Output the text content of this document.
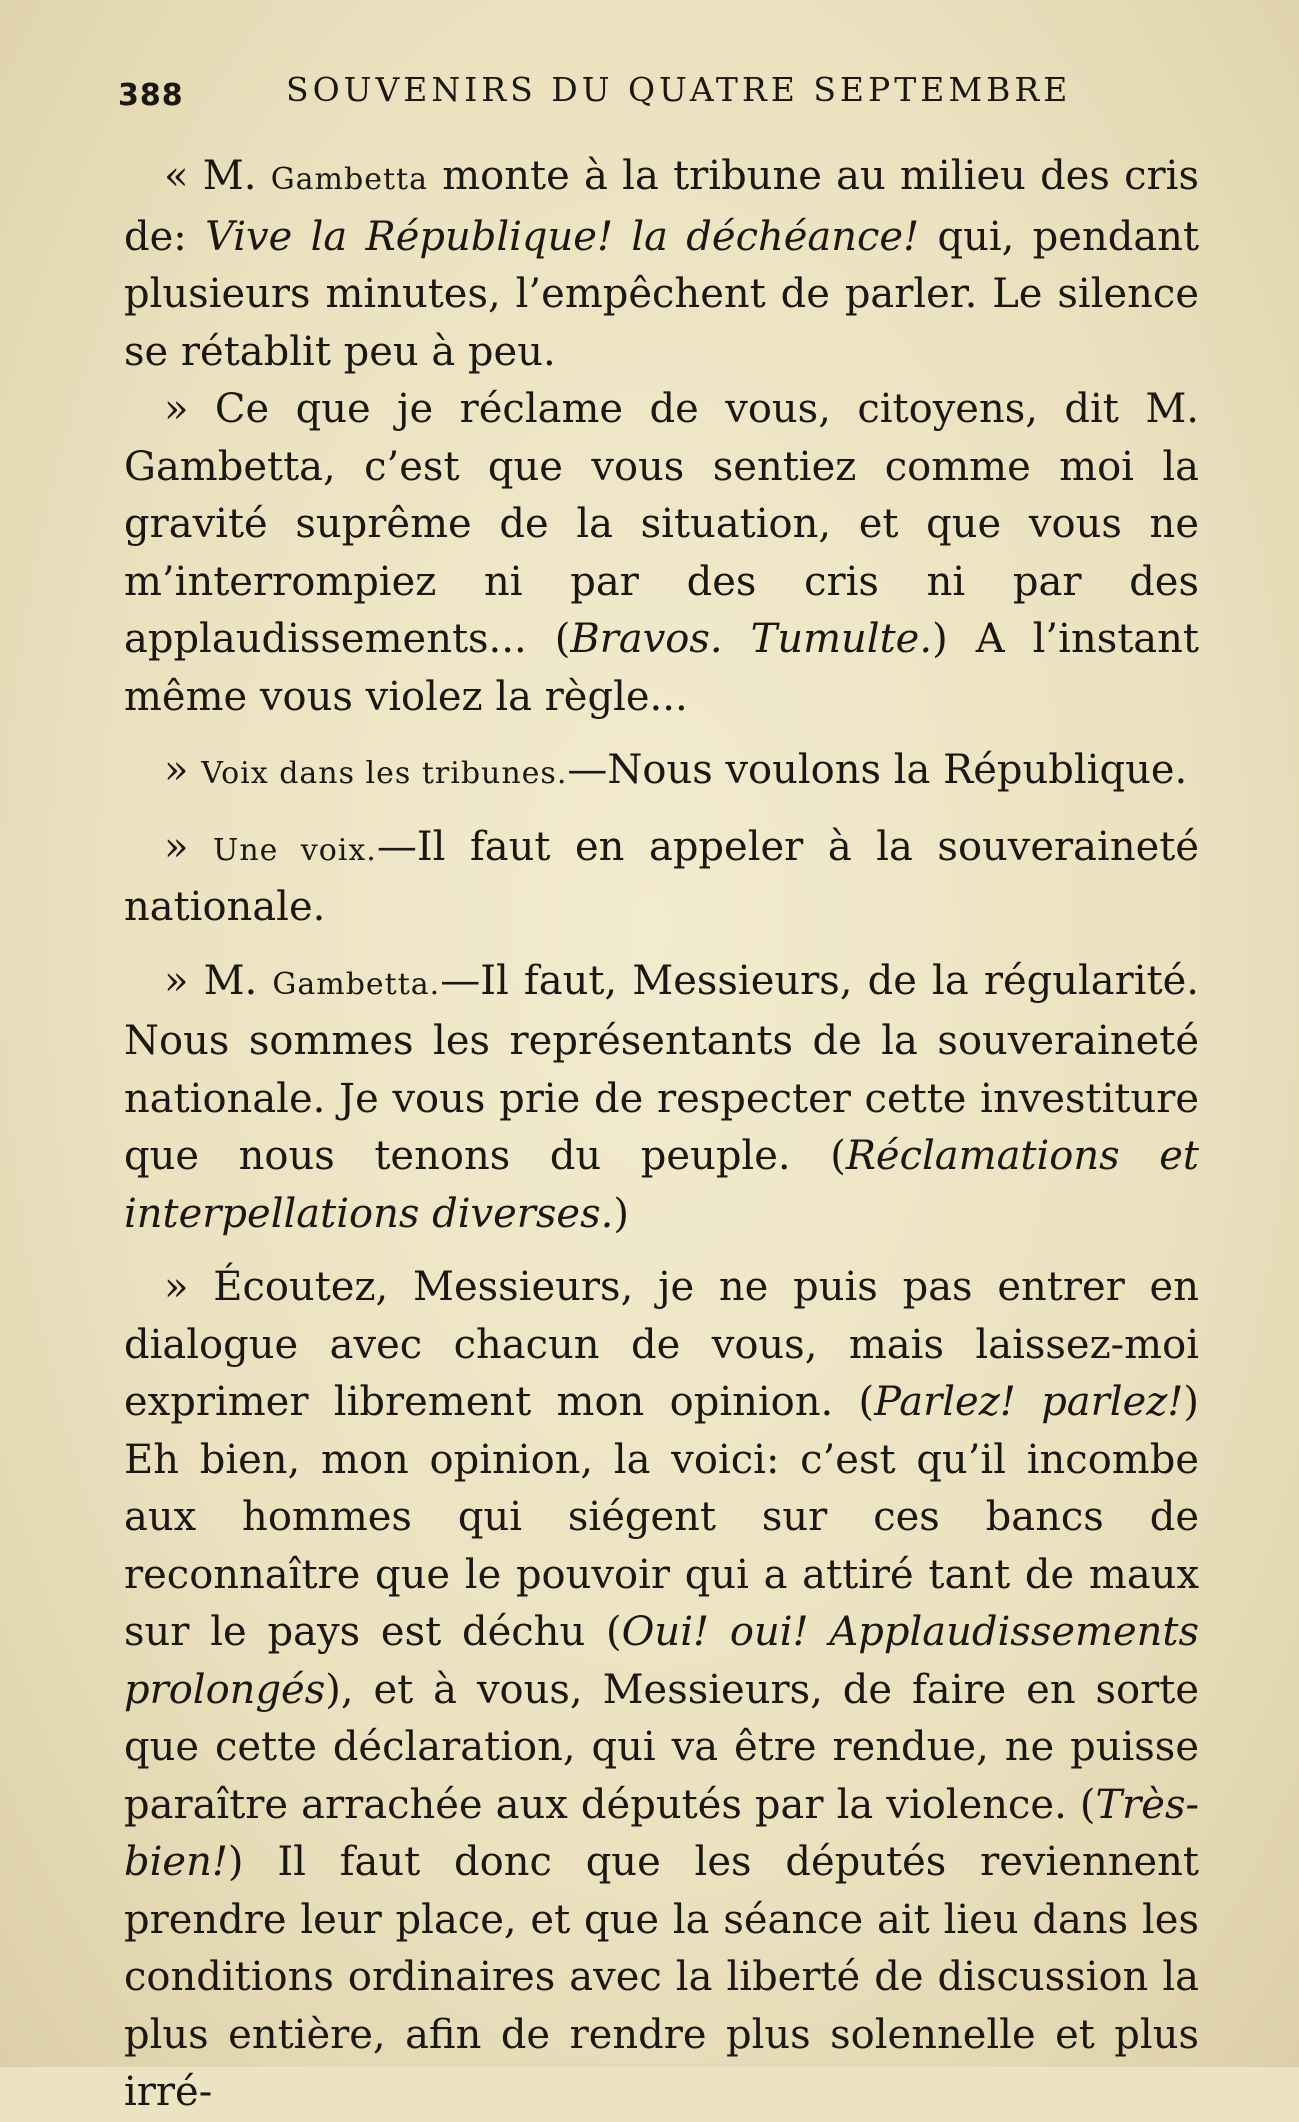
388	SOUVENIRS DU QUATRE SEPTEMBRE

« M. Gambetta monte à la tribune au milieu des cris de: Vive la République! la déchéance! qui, pendant plusieurs minutes, l’empêchent de parler. Le silence se rétablit peu à peu.

» Ce que je réclame de vous, citoyens, dit M. Gambetta, c’est que vous sentiez comme moi la gravité suprême de la situation, et que vous ne m’interrompiez ni par des cris ni par des applaudissements... (Bravos. Tumulte.) A l’instant même vous violez la règle...

» Voix dans les tribunes.—Nous voulons la République.

» Une voix.—Il faut en appeler à la souveraineté nationale.

» M. Gambetta.—Il faut, Messieurs, de la régularité. Nous sommes les représentants de la souveraineté nationale. Je vous prie de respecter cette investiture que nous tenons du peuple. (Réclamations et interpellations diverses.)

» Écoutez, Messieurs, je ne puis pas entrer en dialogue avec chacun de vous, mais laissez-moi exprimer librement mon opinion. (Parlez! parlez!) Eh bien, mon opinion, la voici: c’est qu’il incombe aux hommes qui siégent sur ces bancs de reconnaître que le pouvoir qui a attiré tant de maux sur le pays est déchu (Oui! oui! Applaudissements prolongés), et à vous, Messieurs, de faire en sorte que cette déclaration, qui va être rendue, ne puisse paraître arrachée aux députés par la violence. (Très-bien!) Il faut donc que les députés reviennent prendre leur place, et que la séance ait lieu dans les conditions ordinaires avec la liberté de discussion la plus entière, afin de rendre plus solennelle et plus irré-
